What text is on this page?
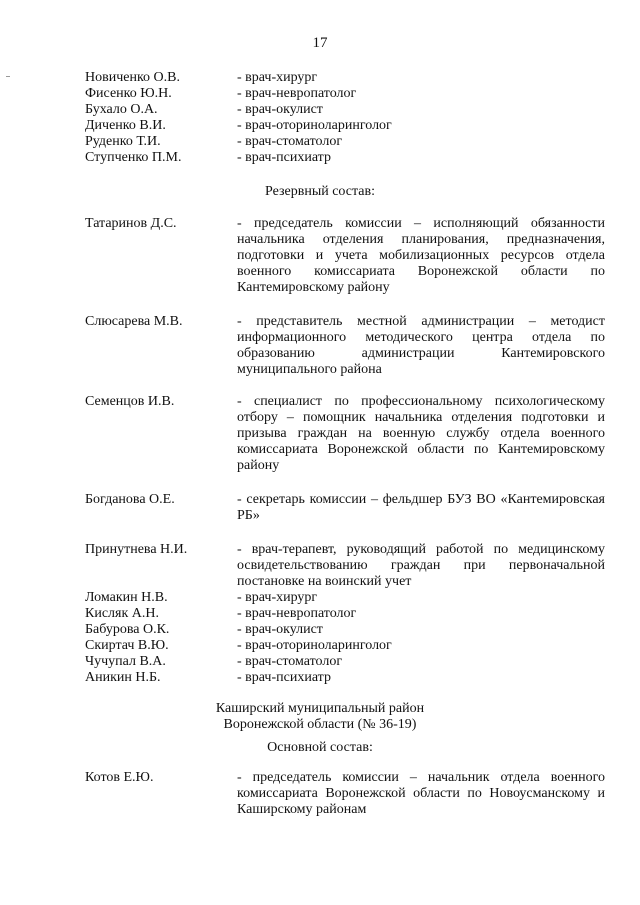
17
Новиченко О.В.	- врач-хирург
Фисенко Ю.Н.	- врач-невропатолог
Бухало О.А.	- врач-окулист
Диченко В.И.	- врач-оториноларинголог
Руденко Т.И.	- врач-стоматолог
Ступченко П.М.	- врач-психиатр
Резервный состав:
Татаринов Д.С.	- председатель комиссии – исполняющий обязанности
начальника отделения планирования, предназначения,
подготовки и учета мобилизационных ресурсов отдела
военного комиссариата Воронежской области по
Кантемировскому району
Слюсарева М.В.	- представитель местной администрации – методист
информационного методического центра отдела по
образованию администрации Кантемировского
муниципального района
Семенцов И.В.	- специалист по профессиональному психологическому
отбору – помощник начальника отделения подготовки и
призыва граждан на военную службу отдела военного
комиссариата Воронежской области по Кантемировскому
району
Богданова О.Е.	- секретарь комиссии – фельдшер БУЗ ВО «Кантемировская
РБ»
Принутнева Н.И.	- врач-терапевт, руководящий работой по медицинскому
освидетельствованию граждан при первоначальной
постановке на воинский учет
Ломакин Н.В.	- врач-хирург
Кисляк А.Н.	- врач-невропатолог
Бабурова О.К.	- врач-окулист
Скиртач В.Ю.	- врач-оториноларинголог
Чучупал В.А.	- врач-стоматолог
Аникин Н.Б.	- врач-психиатр
Каширский муниципальный район
Воронежской области (№ 36-19)
Основной состав:
Котов Е.Ю.	- председатель комиссии – начальник отдела военного
комиссариата Воронежской области по Новоусманскому и
Каширскому районам
